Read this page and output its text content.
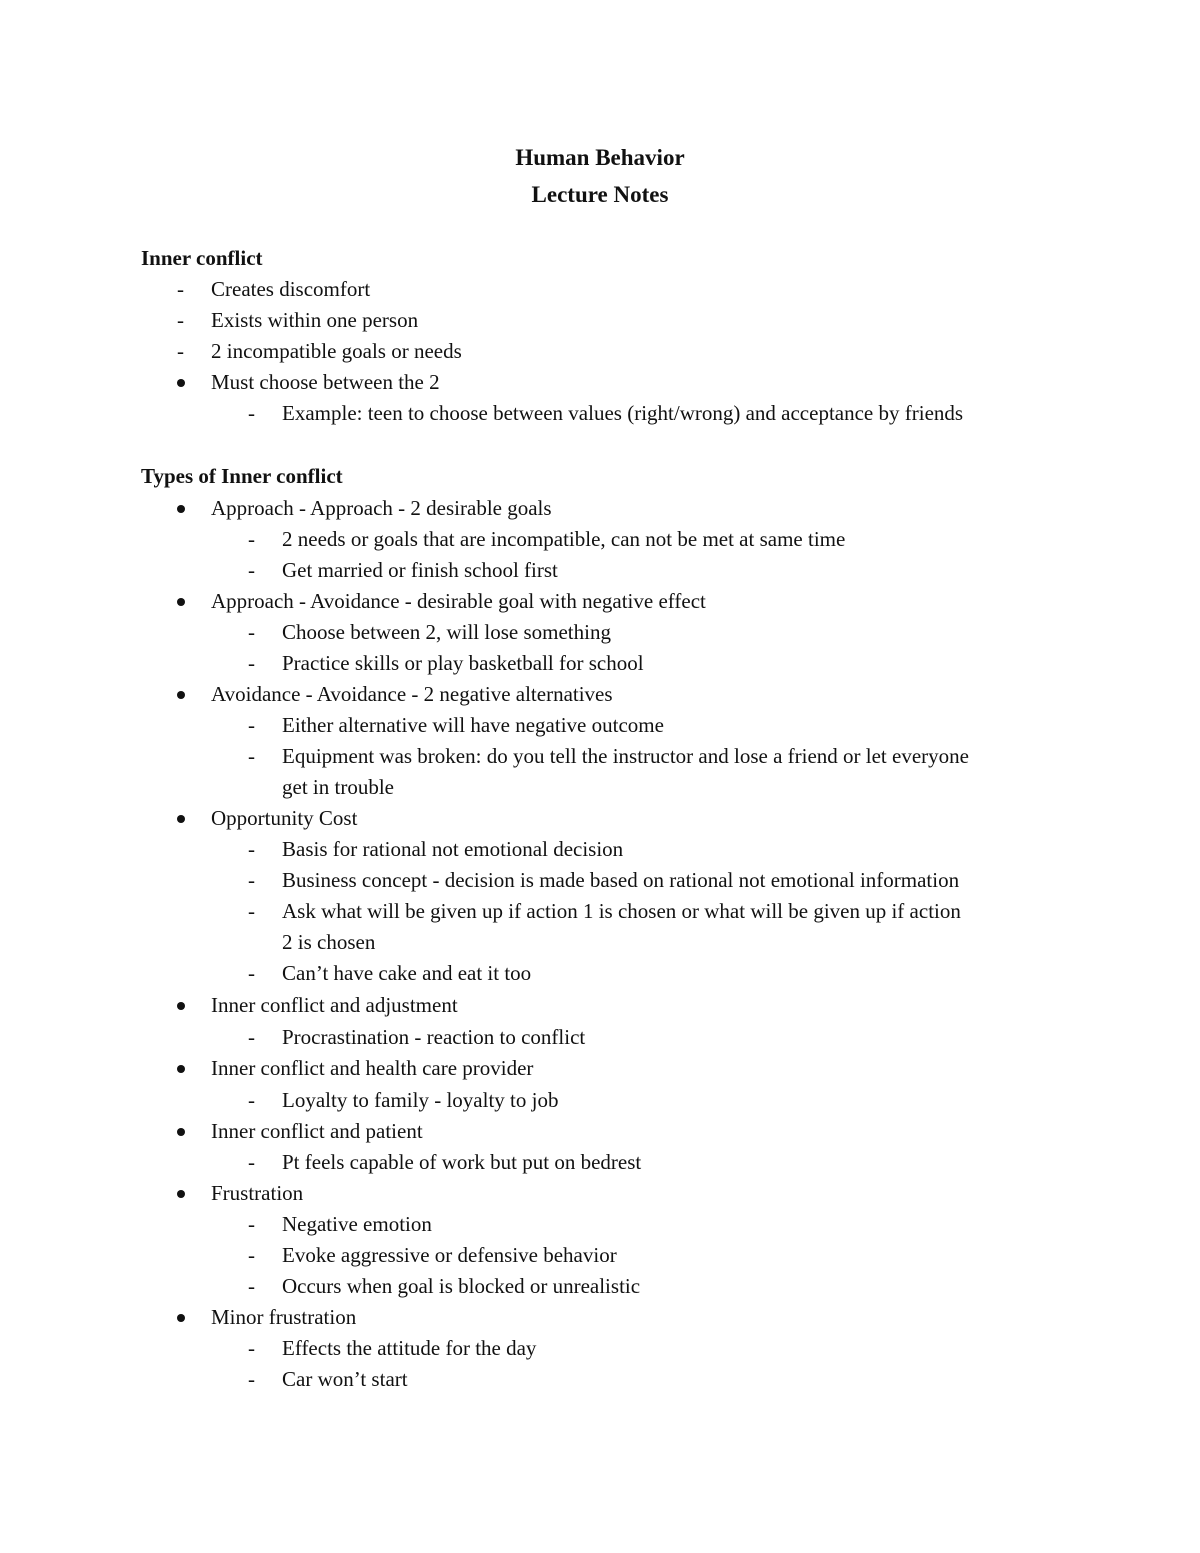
Human Behavior
Lecture Notes
Inner conflict
- Creates discomfort
- Exists within one person
- 2 incompatible goals or needs
Must choose between the 2
- Example: teen to choose between values (right/wrong) and acceptance by friends
Types of Inner conflict
Approach - Approach - 2 desirable goals
- 2 needs or goals that are incompatible, can not be met at same time
- Get married or finish school first
Approach - Avoidance - desirable goal with negative effect
- Choose between 2, will lose something
- Practice skills or play basketball for school
Avoidance - Avoidance - 2 negative alternatives
- Either alternative will have negative outcome
- Equipment was broken: do you tell the instructor and lose a friend or let everyone
get in trouble
Opportunity Cost
- Basis for rational not emotional decision
- Business concept - decision is made based on rational not emotional information
- Ask what will be given up if action 1 is chosen or what will be given up if action
2 is chosen
- Can’t have cake and eat it too
Inner conflict and adjustment
- Procrastination - reaction to conflict
Inner conflict and health care provider
- Loyalty to family - loyalty to job
Inner conflict and patient
- Pt feels capable of work but put on bedrest
Frustration
- Negative emotion
- Evoke aggressive or defensive behavior
- Occurs when goal is blocked or unrealistic
Minor frustration
- Effects the attitude for the day
- Car won’t start
